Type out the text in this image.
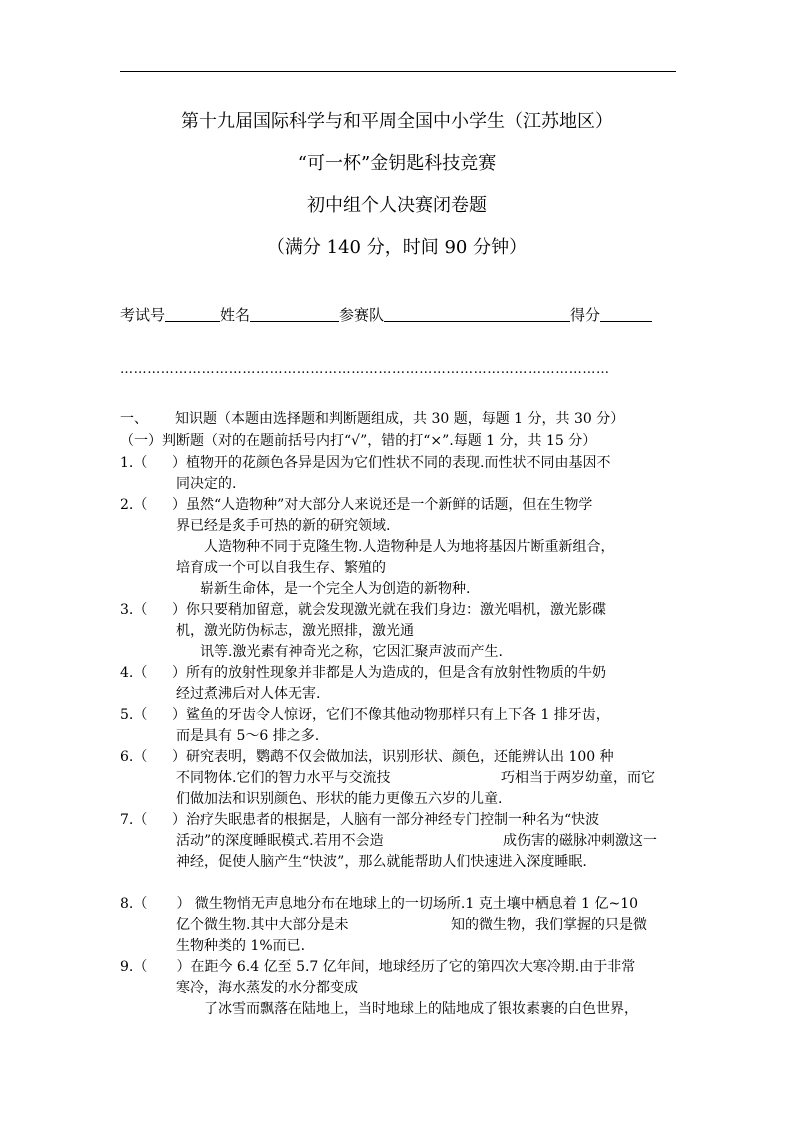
第十九届国际科学与和平周全国中小学生（江苏地区）
“可一杯”金钥匙科技竞赛
初中组个人决赛闭卷题
（满分 140 分，时间 90 分钟）
考试号	姓名	参赛队	得分
………………………………………………………………………………………………
一、 知识题（本题由选择题和判断题组成，共 30 题，每题 1 分，共 30 分）
（一）判断题（对的在题前括号内打“√”，错的打“×”.每题 1 分，共 15 分）
1.（ ）植物开的花颜色各异是因为它们性状不同的表现.而性状不同由基因不
同决定的.
2.（ ）虽然“人造物种”对大部分人来说还是一个新鲜的话题，但在生物学
界已经是炙手可热的新的研究领域.
人造物种不同于克隆生物.人造物种是人为地将基因片断重新组合，
培育成一个可以自我生存、繁殖的
崭新生命体，是一个完全人为创造的新物种.
3.（ ）你只要稍加留意，就会发现激光就在我们身边：激光唱机，激光影碟
机，激光防伪标志，激光照排，激光通
讯等.激光素有神奇光之称，它因汇聚声波而产生.
4.（ ）所有的放射性现象并非都是人为造成的，但是含有放射性物质的牛奶
经过煮沸后对人体无害.
5.（ ）鲨鱼的牙齿令人惊讶，它们不像其他动物那样只有上下各 1 排牙齿，
而是具有 5～6 排之多.
6.（ ）研究表明，鹦鹉不仅会做加法，识别形状、颜色，还能辨认出 100 种
不同物体.它们的智力水平与交流技	巧相当于两岁幼童，而它
们做加法和识别颜色、形状的能力更像五六岁的儿童.
7.（ ）治疗失眠患者的根据是，人脑有一部分神经专门控制一种名为“快波
活动”的深度睡眠模式.若用不会造	成伤害的磁脉冲刺激这一
神经，促使人脑产生“快波”，那么就能帮助人们快速进入深度睡眠.
8.（ ） 微生物悄无声息地分布在地球上的一切场所.1 克土壤中栖息着 1 亿~10
亿个微生物.其中大部分是未	知的微生物，我们掌握的只是微
生物种类的 1%而已.
9.（ ）在距今 6.4 亿至 5.7 亿年间，地球经历了它的第四次大寒冷期.由于非常
寒冷，海水蒸发的水分都变成
了冰雪而飘落在陆地上，当时地球上的陆地成了银妆素裹的白色世界，
